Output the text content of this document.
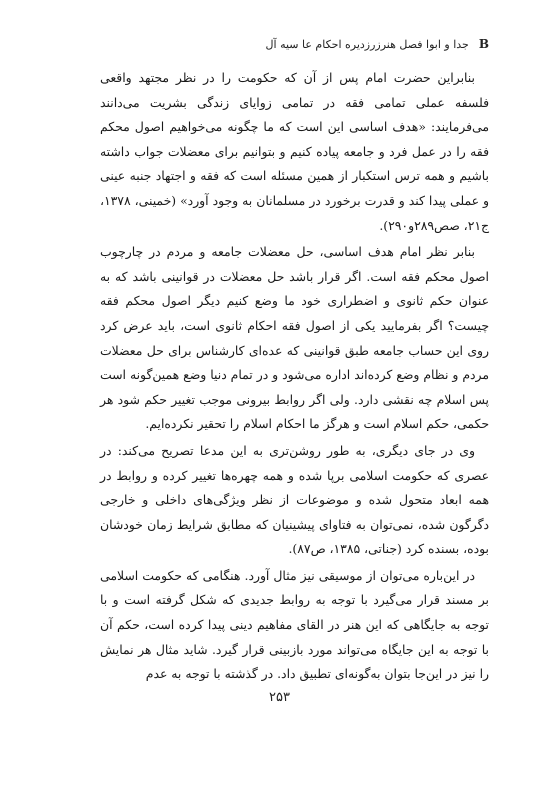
B
جدا و ابوا فصل هنرزرزدیره احکام عا سیه آل

بنابراین حضرت امام پس از آن که حکومت را در نظر مجتهد واقعی فلسفه عملی تمامی فقه در تمامی زوایای زندگی بشریت می‌دانند می‌فرمایند: «هدف اساسی این است که ما چگونه می‌خواهیم اصول محکم فقه را در عمل فرد و جامعه پیاده کنیم و بتوانیم برای معضلات جواب داشته باشیم و همه ترس استکبار از همین مسئله است که فقه و اجتهاد جنبه عینی و عملی پیدا کند و قدرت برخورد در مسلمانان به وجود آورد» (خمینی، ۱۳۷۸، ج۲۱، صص۲۸۹و۲۹۰).

بنابر نظر امام هدف اساسی، حل معضلات جامعه و مردم در چارچوب اصول محکم فقه است. اگر قرار باشد حل معضلات در قوانینی باشد که به عنوان حکم ثانوی و اضطراری خود ما وضع کنیم دیگر اصول محکم فقه چیست؟ اگر بفرمایید یکی از اصول فقه احکام ثانوی است، باید عرض کرد روی این حساب جامعه طبق قوانینی که عده‌ای کارشناس برای حل معضلات مردم و نظام وضع کرده‌اند اداره می‌شود و در تمام دنیا وضع همین‌گونه است پس اسلام چه نقشی دارد. ولی اگر روابط بیرونی موجب تغییر حکم شود هر حکمی، حکم اسلام است و هرگز ما احکام اسلام را تحقیر نکرده‌ایم.

وی در جای دیگری، به طور روشن‌تری به این مدعا تصریح می‌کند: در عصری که حکومت اسلامی برپا شده و همه چهره‌ها تغییر کرده و روابط در همه ابعاد متحول شده و موضوعات از نظر ویژگی‌های داخلی و خارجی دگرگون شده، نمی‌توان به فتاوای پیشینیان که مطابق شرایط زمان خودشان بوده، بسنده کرد (جناتی، ۱۳۸۵، ص۸۷).

در این‌باره می‌توان از موسیقی نیز مثال آورد. هنگامی که حکومت اسلامی بر مسند قرار می‌گیرد با توجه به روابط جدیدی که شکل گرفته است و با توجه به جایگاهی که این هنر در القای مفاهیم دینی پیدا کرده است، حکم آن با توجه به این جایگاه می‌تواند مورد بازبینی قرار گیرد. شاید مثال هر نمایش را نیز در این‌جا بتوان به‌گونه‌ای تطبیق داد. در گذشته با توجه به عدم

۲۵۳
